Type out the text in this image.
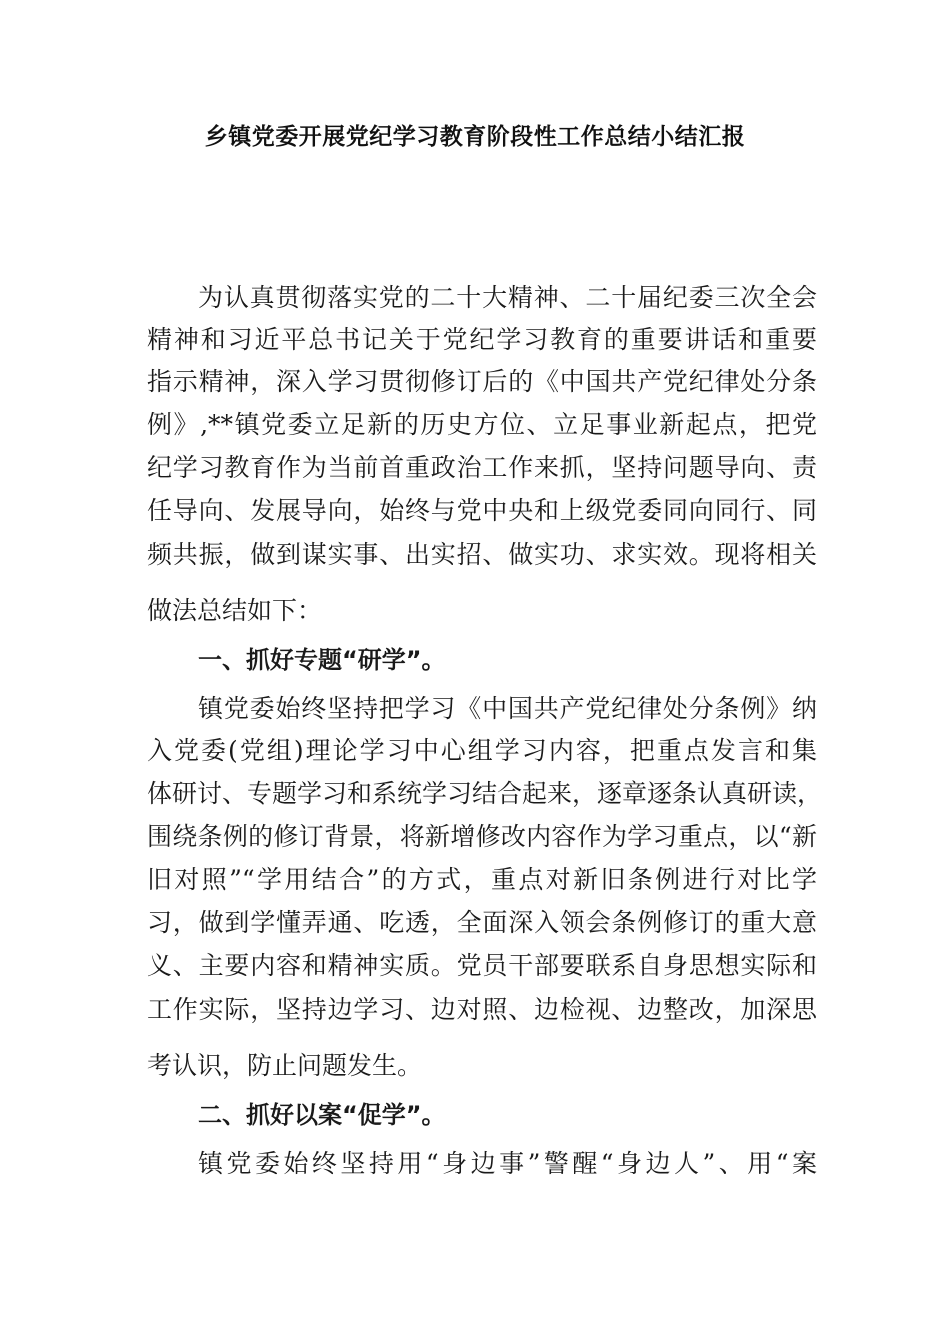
乡镇党委开展党纪学习教育阶段性工作总结小结汇报
为认真贯彻落实党的二十大精神、二十届纪委三次全会
精神和习近平总书记关于党纪学习教育的重要讲话和重要
指示精神，深入学习贯彻修订后的《中国共产党纪律处分条
例》,**镇党委立足新的历史方位、立足事业新起点，把党
纪学习教育作为当前首重政治工作来抓，坚持问题导向、责
任导向、发展导向，始终与党中央和上级党委同向同行、同
频共振，做到谋实事、出实招、做实功、求实效。现将相关
做法总结如下：
一、抓好专题“研学”。
镇党委始终坚持把学习《中国共产党纪律处分条例》纳
入党委(党组)理论学习中心组学习内容，把重点发言和集
体研讨、专题学习和系统学习结合起来，逐章逐条认真研读，
围绕条例的修订背景，将新增修改内容作为学习重点，以“新
旧对照”“学用结合”的方式，重点对新旧条例进行对比学
习，做到学懂弄通、吃透，全面深入领会条例修订的重大意
义、主要内容和精神实质。党员干部要联系自身思想实际和
工作实际，坚持边学习、边对照、边检视、边整改，加深思
考认识，防止问题发生。
二、抓好以案“促学”。
镇党委始终坚持用“身边事”警醒“身边人”、用“案
